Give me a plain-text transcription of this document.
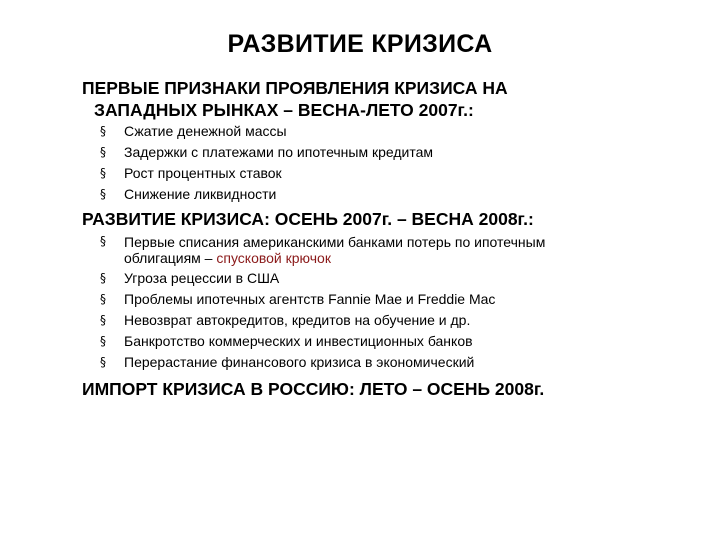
РАЗВИТИЕ КРИЗИСА
ПЕРВЫЕ ПРИЗНАКИ ПРОЯВЛЕНИЯ КРИЗИСА НА
ЗАПАДНЫХ РЫНКАХ – ВЕСНА-ЛЕТО 2007г.:
§ Сжатие денежной массы
§ Задержки с платежами по ипотечным кредитам
§ Рост процентных ставок
§ Снижение ликвидности
РАЗВИТИЕ КРИЗИСА: ОСЕНЬ 2007г. – ВЕСНА 2008г.:
§ Первые списания американскими банками потерь по ипотечным
облигациям – спусковой крючок
§ Угроза рецессии в США
§ Проблемы ипотечных агентств Fannie Mae и Freddie Mac
§ Невозврат автокредитов, кредитов на обучение и др.
§ Банкротство коммерческих и инвестиционных банков
§ Перерастание финансового кризиса в экономический
ИМПОРТ КРИЗИСА В РОССИЮ: ЛЕТО – ОСЕНЬ 2008г.
